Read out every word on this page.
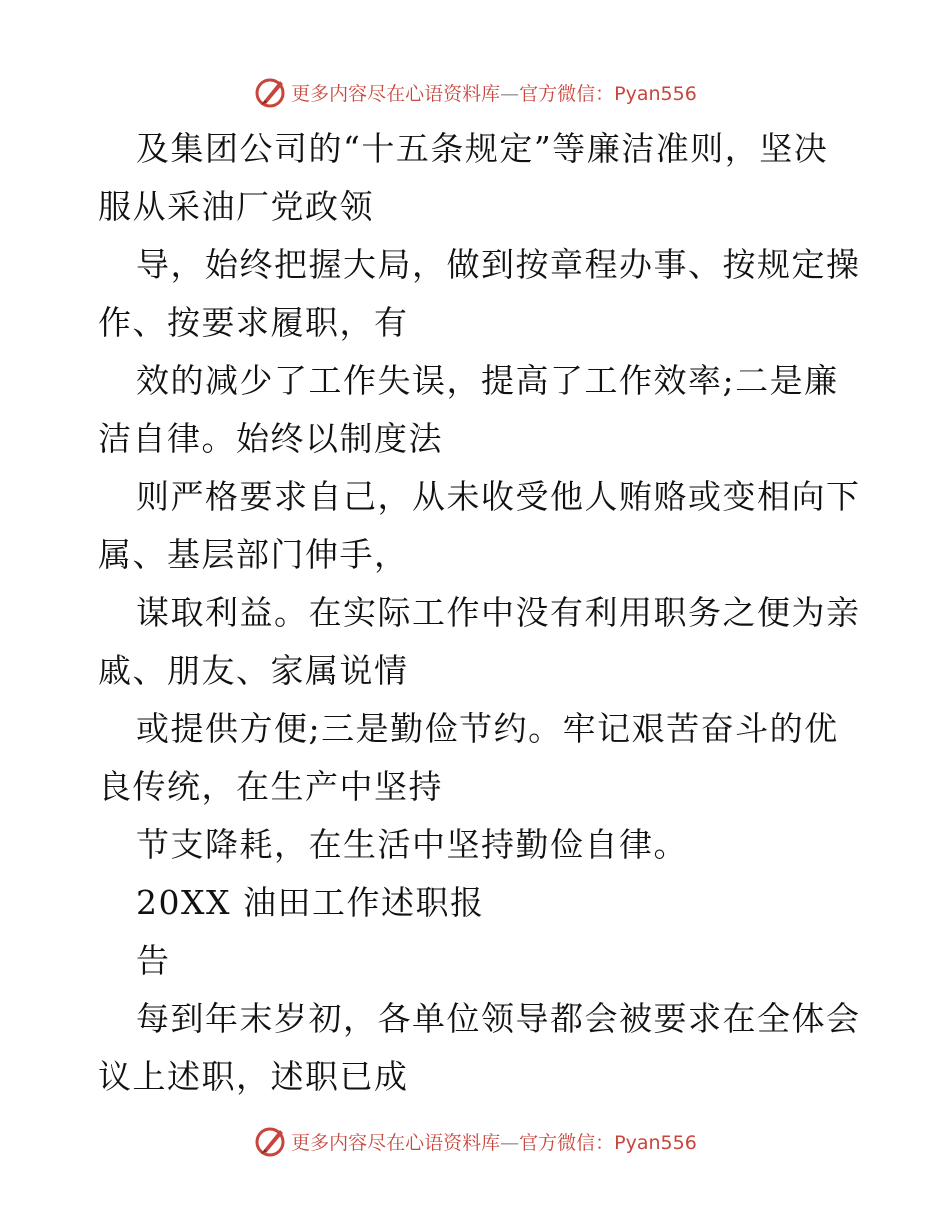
更多内容尽在心语资料库—官方微信：Pyan556
及集团公司的“十五条规定”等廉洁准则，坚决
服从采油厂党政领
导，始终把握大局，做到按章程办事、按规定操
作、按要求履职，有
效的减少了工作失误，提高了工作效率;二是廉
洁自律。始终以制度法
则严格要求自己，从未收受他人贿赂或变相向下
属、基层部门伸手，
谋取利益。在实际工作中没有利用职务之便为亲
戚、朋友、家属说情
或提供方便;三是勤俭节约。牢记艰苦奋斗的优
良传统，在生产中坚持
节支降耗，在生活中坚持勤俭自律。
20XX 油田工作述职报
告
每到年末岁初，各单位领导都会被要求在全体会
议上述职，述职已成
更多内容尽在心语资料库—官方微信：Pyan556
